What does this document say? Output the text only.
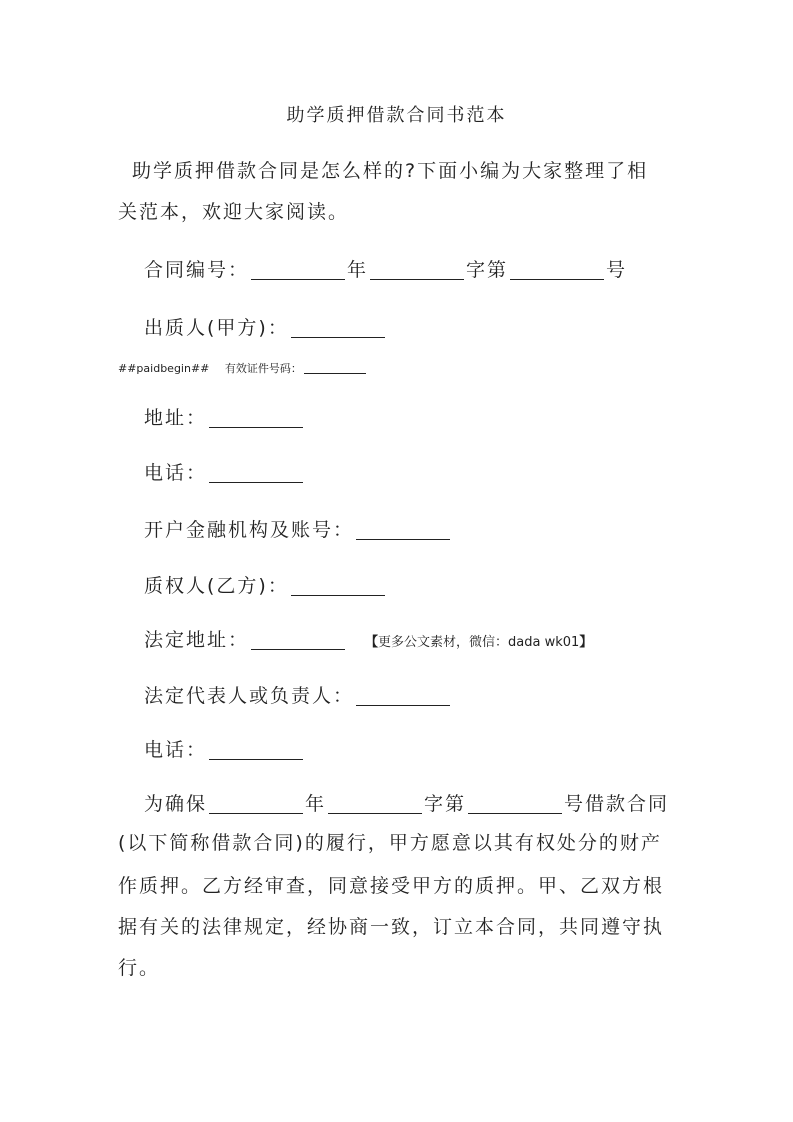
助学质押借款合同书范本
助学质押借款合同是怎么样的?下面小编为大家整理了相
关范本，欢迎大家阅读。
合同编号：	年	字第	号
出质人(甲方)：
##paidbegin## 有效证件号码：
地址：
电话：
开户金融机构及账号：
质权人(乙方)：
法定地址：	【更多公文素材，微信：dada wk01】
法定代表人或负责人：
电话：
为确保	年	字第	号借款合同
(以下简称借款合同)的履行，甲方愿意以其有权处分的财产
作质押。乙方经审查，同意接受甲方的质押。甲、乙双方根
据有关的法律规定，经协商一致，订立本合同，共同遵守执
行。
